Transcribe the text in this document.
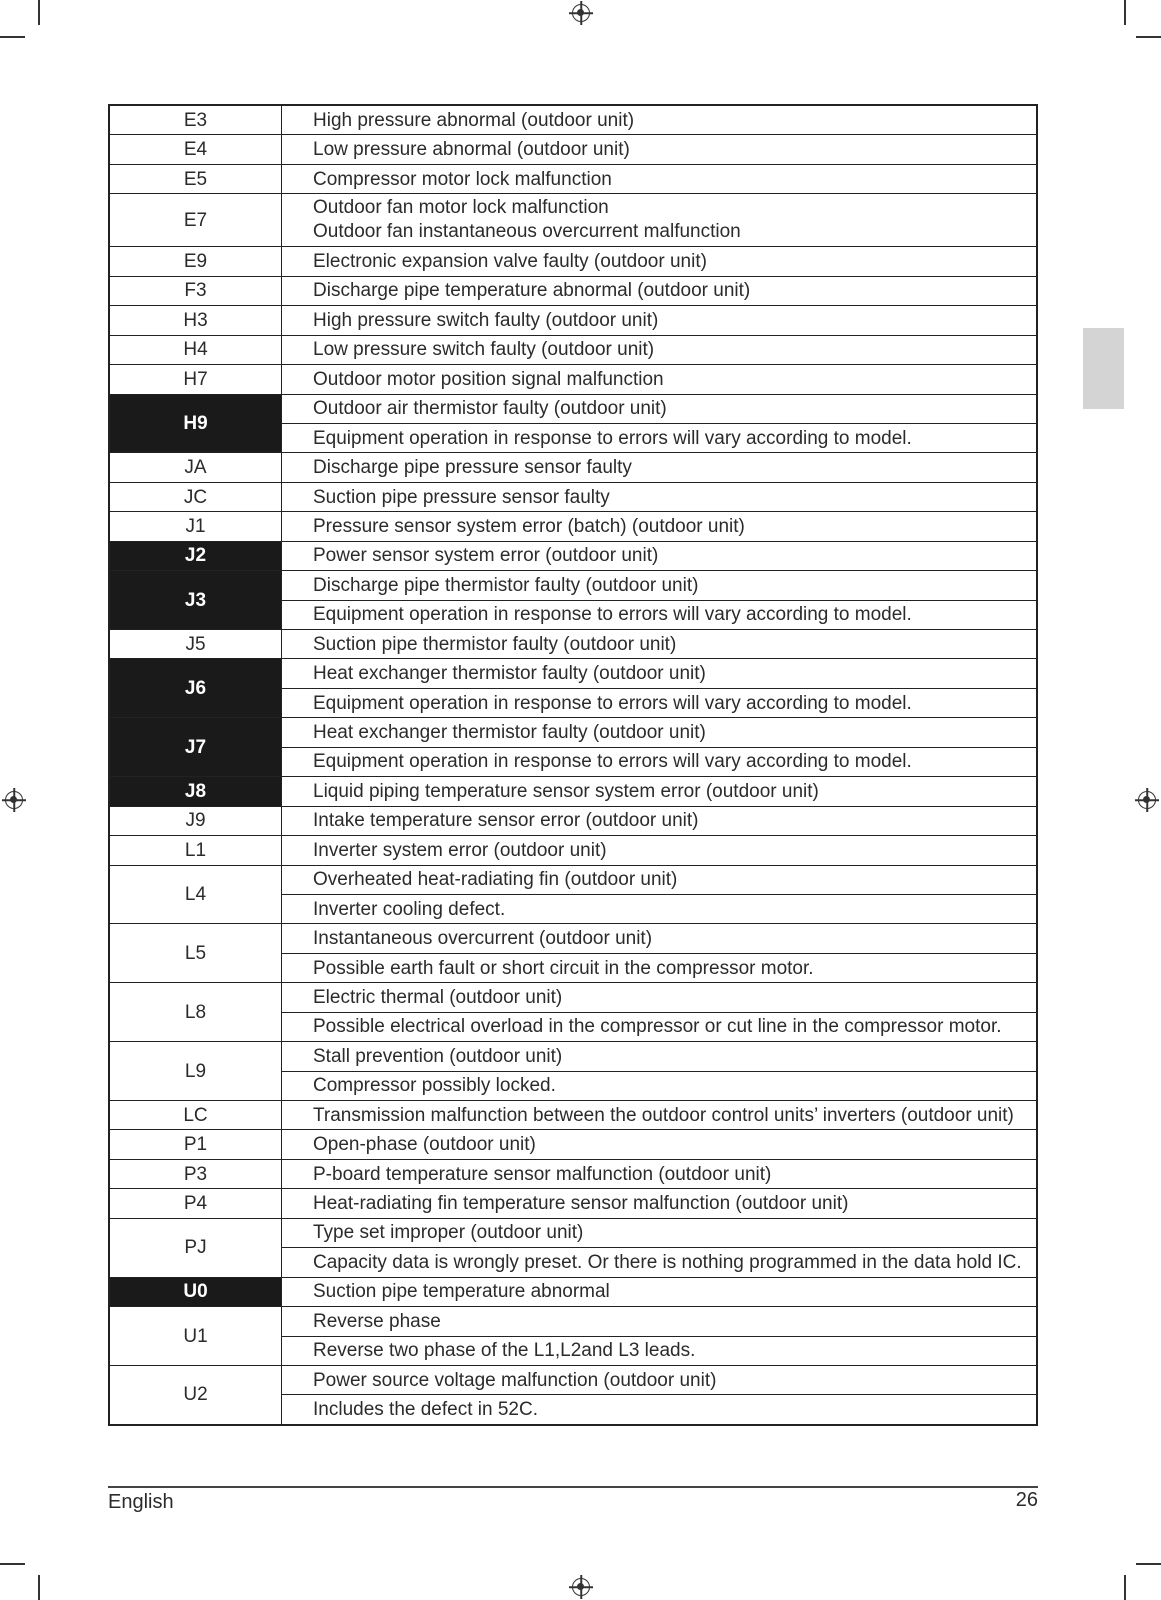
E3	High pressure abnormal (outdoor unit)

E4	Low pressure abnormal (outdoor unit)

E5	Compressor motor lock malfunction

E7	Outdoor fan motor lock malfunction
Outdoor fan instantaneous overcurrent malfunction

E9	Electronic expansion valve faulty (outdoor unit)

F3	Discharge pipe temperature abnormal (outdoor unit)

H3	High pressure switch faulty (outdoor unit)

H4	Low pressure switch faulty (outdoor unit)

H7	Outdoor motor position signal malfunction

H9	Outdoor air thermistor faulty (outdoor unit)
	Equipment operation in response to errors will vary according to model.
JA	Discharge pipe pressure sensor faulty

JC	Suction pipe pressure sensor faulty

J1	Pressure sensor system error (batch) (outdoor unit)

J2	Power sensor system error (outdoor unit)

J3	Discharge pipe thermistor faulty (outdoor unit)
	Equipment operation in response to errors will vary according to model.
J5	Suction pipe thermistor faulty (outdoor unit)

J6	Heat exchanger thermistor faulty (outdoor unit)
	Equipment operation in response to errors will vary according to model.
J7	Heat exchanger thermistor faulty (outdoor unit)
	Equipment operation in response to errors will vary according to model.
J8	Liquid piping temperature sensor system error (outdoor unit)

J9	Intake temperature sensor error (outdoor unit)

L1	Inverter system error (outdoor unit)

L4	Overheated heat-radiating fin (outdoor unit)
	Inverter cooling defect.
L5	Instantaneous overcurrent (outdoor unit)
	Possible earth fault or short circuit in the compressor motor.
L8	Electric thermal (outdoor unit)
	Possible electrical overload in the compressor or cut line in the compressor motor.
L9	Stall prevention (outdoor unit)
	Compressor possibly locked.
LC	Transmission malfunction between the outdoor control units’ inverters (outdoor unit)

P1	Open-phase (outdoor unit)

P3	P-board temperature sensor malfunction (outdoor unit)

P4	Heat-radiating fin temperature sensor malfunction (outdoor unit)

PJ	Type set improper (outdoor unit)
	Capacity data is wrongly preset. Or there is nothing programmed in the data hold IC.
U0	Suction pipe temperature abnormal

U1	Reverse phase
	Reverse two phase of the L1,L2and L3 leads.
U2	Power source voltage malfunction (outdoor unit)
	Includes the defect in 52C.
English	26
